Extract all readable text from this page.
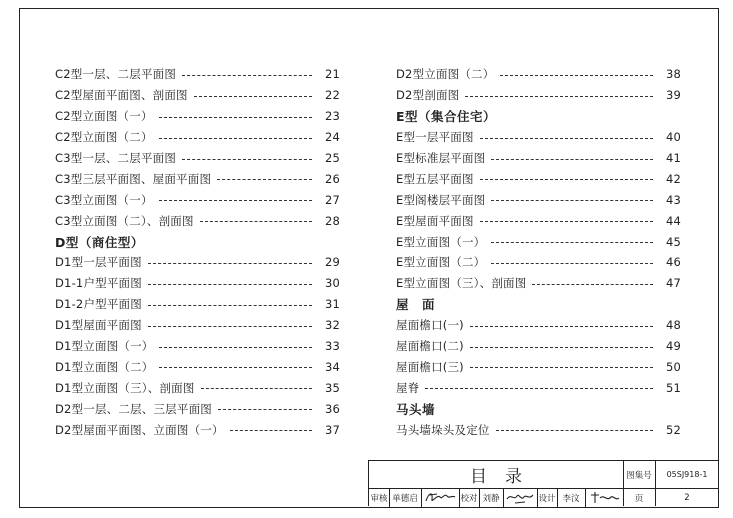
C2型一层、二层平面图	21
C2型屋面平面图、剖面图	22
C2型立面图（一）	23
C2型立面图（二）	24
C3型一层、二层平面图	25
C3型三层平面图、屋面平面图	26
C3型立面图（一）	27
C3型立面图（二）、剖面图	28
D型（商住型）
D1型一层平面图	29
D1-1户型平面图	30
D1-2户型平面图	31
D1型屋面平面图	32
D1型立面图（一）	33
D1型立面图（二）	34
D1型立面图（三）、剖面图	35
D2型一层、二层、三层平面图	36
D2型屋面平面图、立面图（一）	37
D2型立面图（二）	38
D2型剖面图	39
E型（集合住宅）
E型一层平面图	40
E型标准层平面图	41
E型五层平面图	42
E型阁楼层平面图	43
E型屋面平面图	44
E型立面图（一）	45
E型立面图（二）	46
E型立面图（三）、剖面图	47
屋　面
屋面檐口(一)	48
屋面檐口(二)	49
屋面檐口(三)	50
屋脊	51
马头墙
马头墙垛头及定位	52
目录	图集号	05SJ918-1
审核 单德启	校对 刘静	设计 李汶	页	2
